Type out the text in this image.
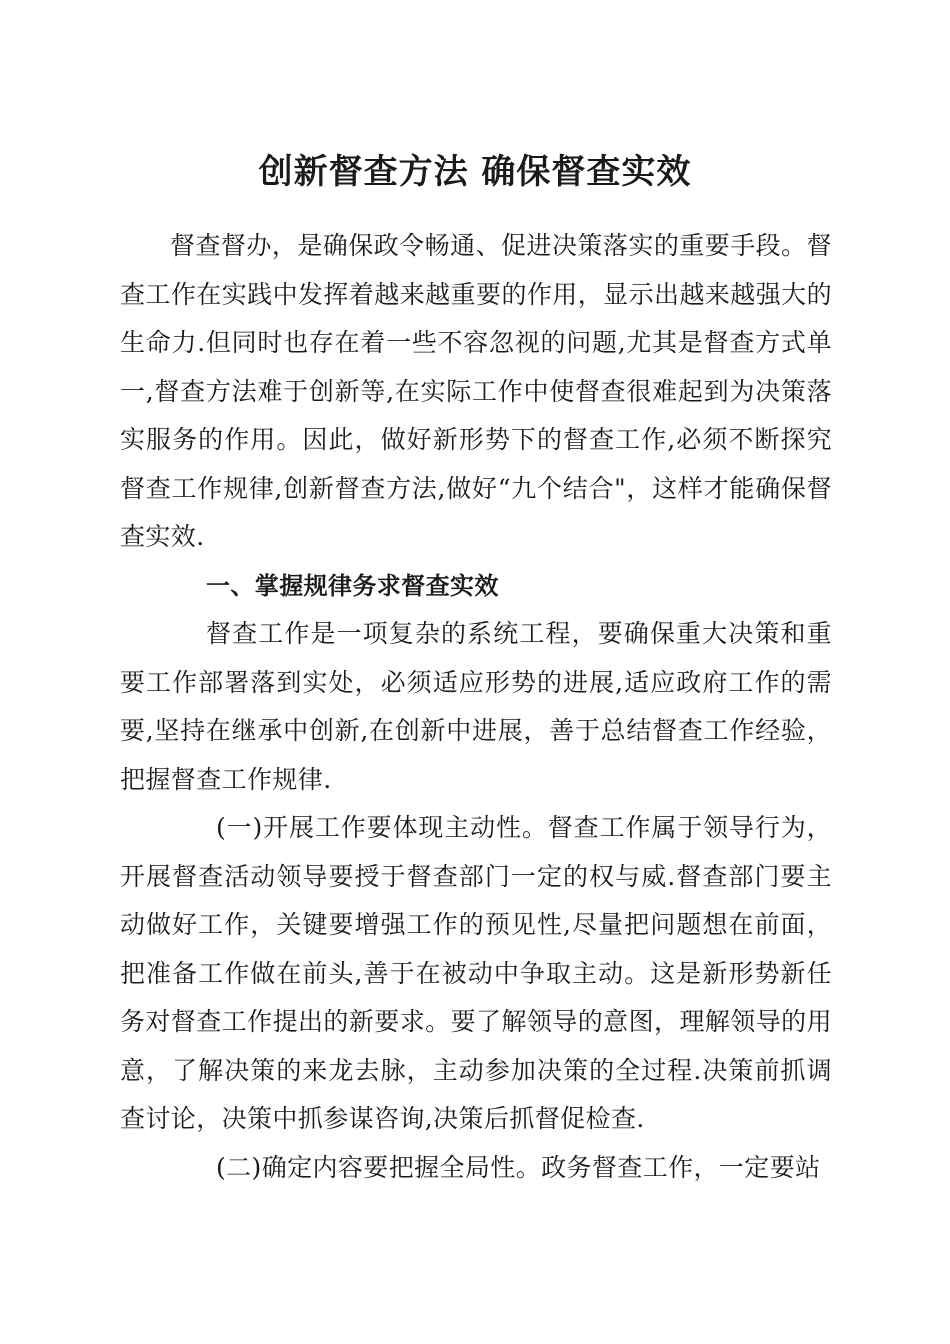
创新督查方法 确保督查实效

督查督办，是确保政令畅通、促进决策落实的重要手段。督查工作在实践中发挥着越来越重要的作用，显示出越来越强大的生命力.但同时也存在着一些不容忽视的问题,尤其是督查方式单一,督查方法难于创新等,在实际工作中使督查很难起到为决策落实服务的作用。因此，做好新形势下的督查工作,必须不断探究督查工作规律,创新督查方法,做好“九个结合"，这样才能确保督查实效.

一、掌握规律务求督查实效

督查工作是一项复杂的系统工程，要确保重大决策和重要工作部署落到实处，必须适应形势的进展,适应政府工作的需要,坚持在继承中创新,在创新中进展，善于总结督查工作经验，把握督查工作规律.

(一)开展工作要体现主动性。督查工作属于领导行为，开展督查活动领导要授于督查部门一定的权与威.督查部门要主动做好工作，关键要增强工作的预见性,尽量把问题想在前面，把准备工作做在前头,善于在被动中争取主动。这是新形势新任务对督查工作提出的新要求。要了解领导的意图，理解领导的用意，了解决策的来龙去脉，主动参加决策的全过程.决策前抓调查讨论，决策中抓参谋咨询,决策后抓督促检查.

(二)确定内容要把握全局性。政务督查工作，一定要站
